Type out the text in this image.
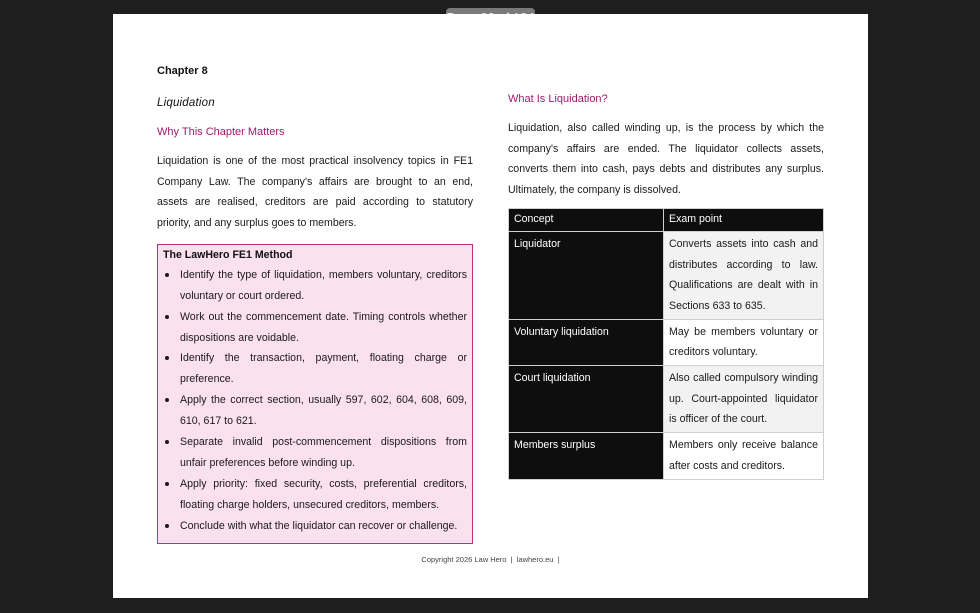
Chapter 8
Liquidation
Why This Chapter Matters

Liquidation is one of the most practical insolvency topics in FE1 Company Law. The company's affairs are brought to an end, assets are realised, creditors are paid according to statutory priority, and any surplus goes to members.

The LawHero FE1 Method
Identify the type of liquidation, members voluntary, creditors voluntary or court ordered.
Work out the commencement date. Timing controls whether dispositions are voidable.
Identify the transaction, payment, floating charge or preference.
Apply the correct section, usually 597, 602, 604, 608, 609, 610, 617 to 621.
Separate invalid post-commencement dispositions from unfair preferences before winding up.
Apply priority: fixed security, costs, preferential creditors, floating charge holders, unsecured creditors, members.
Conclude with what the liquidator can recover or challenge.
What Is Liquidation?

Liquidation, also called winding up, is the process by which the company's affairs are ended. The liquidator collects assets, converts them into cash, pays debts and distributes any surplus. Ultimately, the company is dissolved.

Concept	Exam point
Liquidator	Converts assets into cash and distributes according to law. Qualifications are dealt with in Sections 633 to 635.
Voluntary liquidation	May be members voluntary or creditors voluntary.
Court liquidation	Also called compulsory winding up. Court-appointed liquidator is officer of the court.
Members surplus	Members only receive balance after costs and creditors.
Copyright 2026 Law Hero  |  lawhero.eu  |
